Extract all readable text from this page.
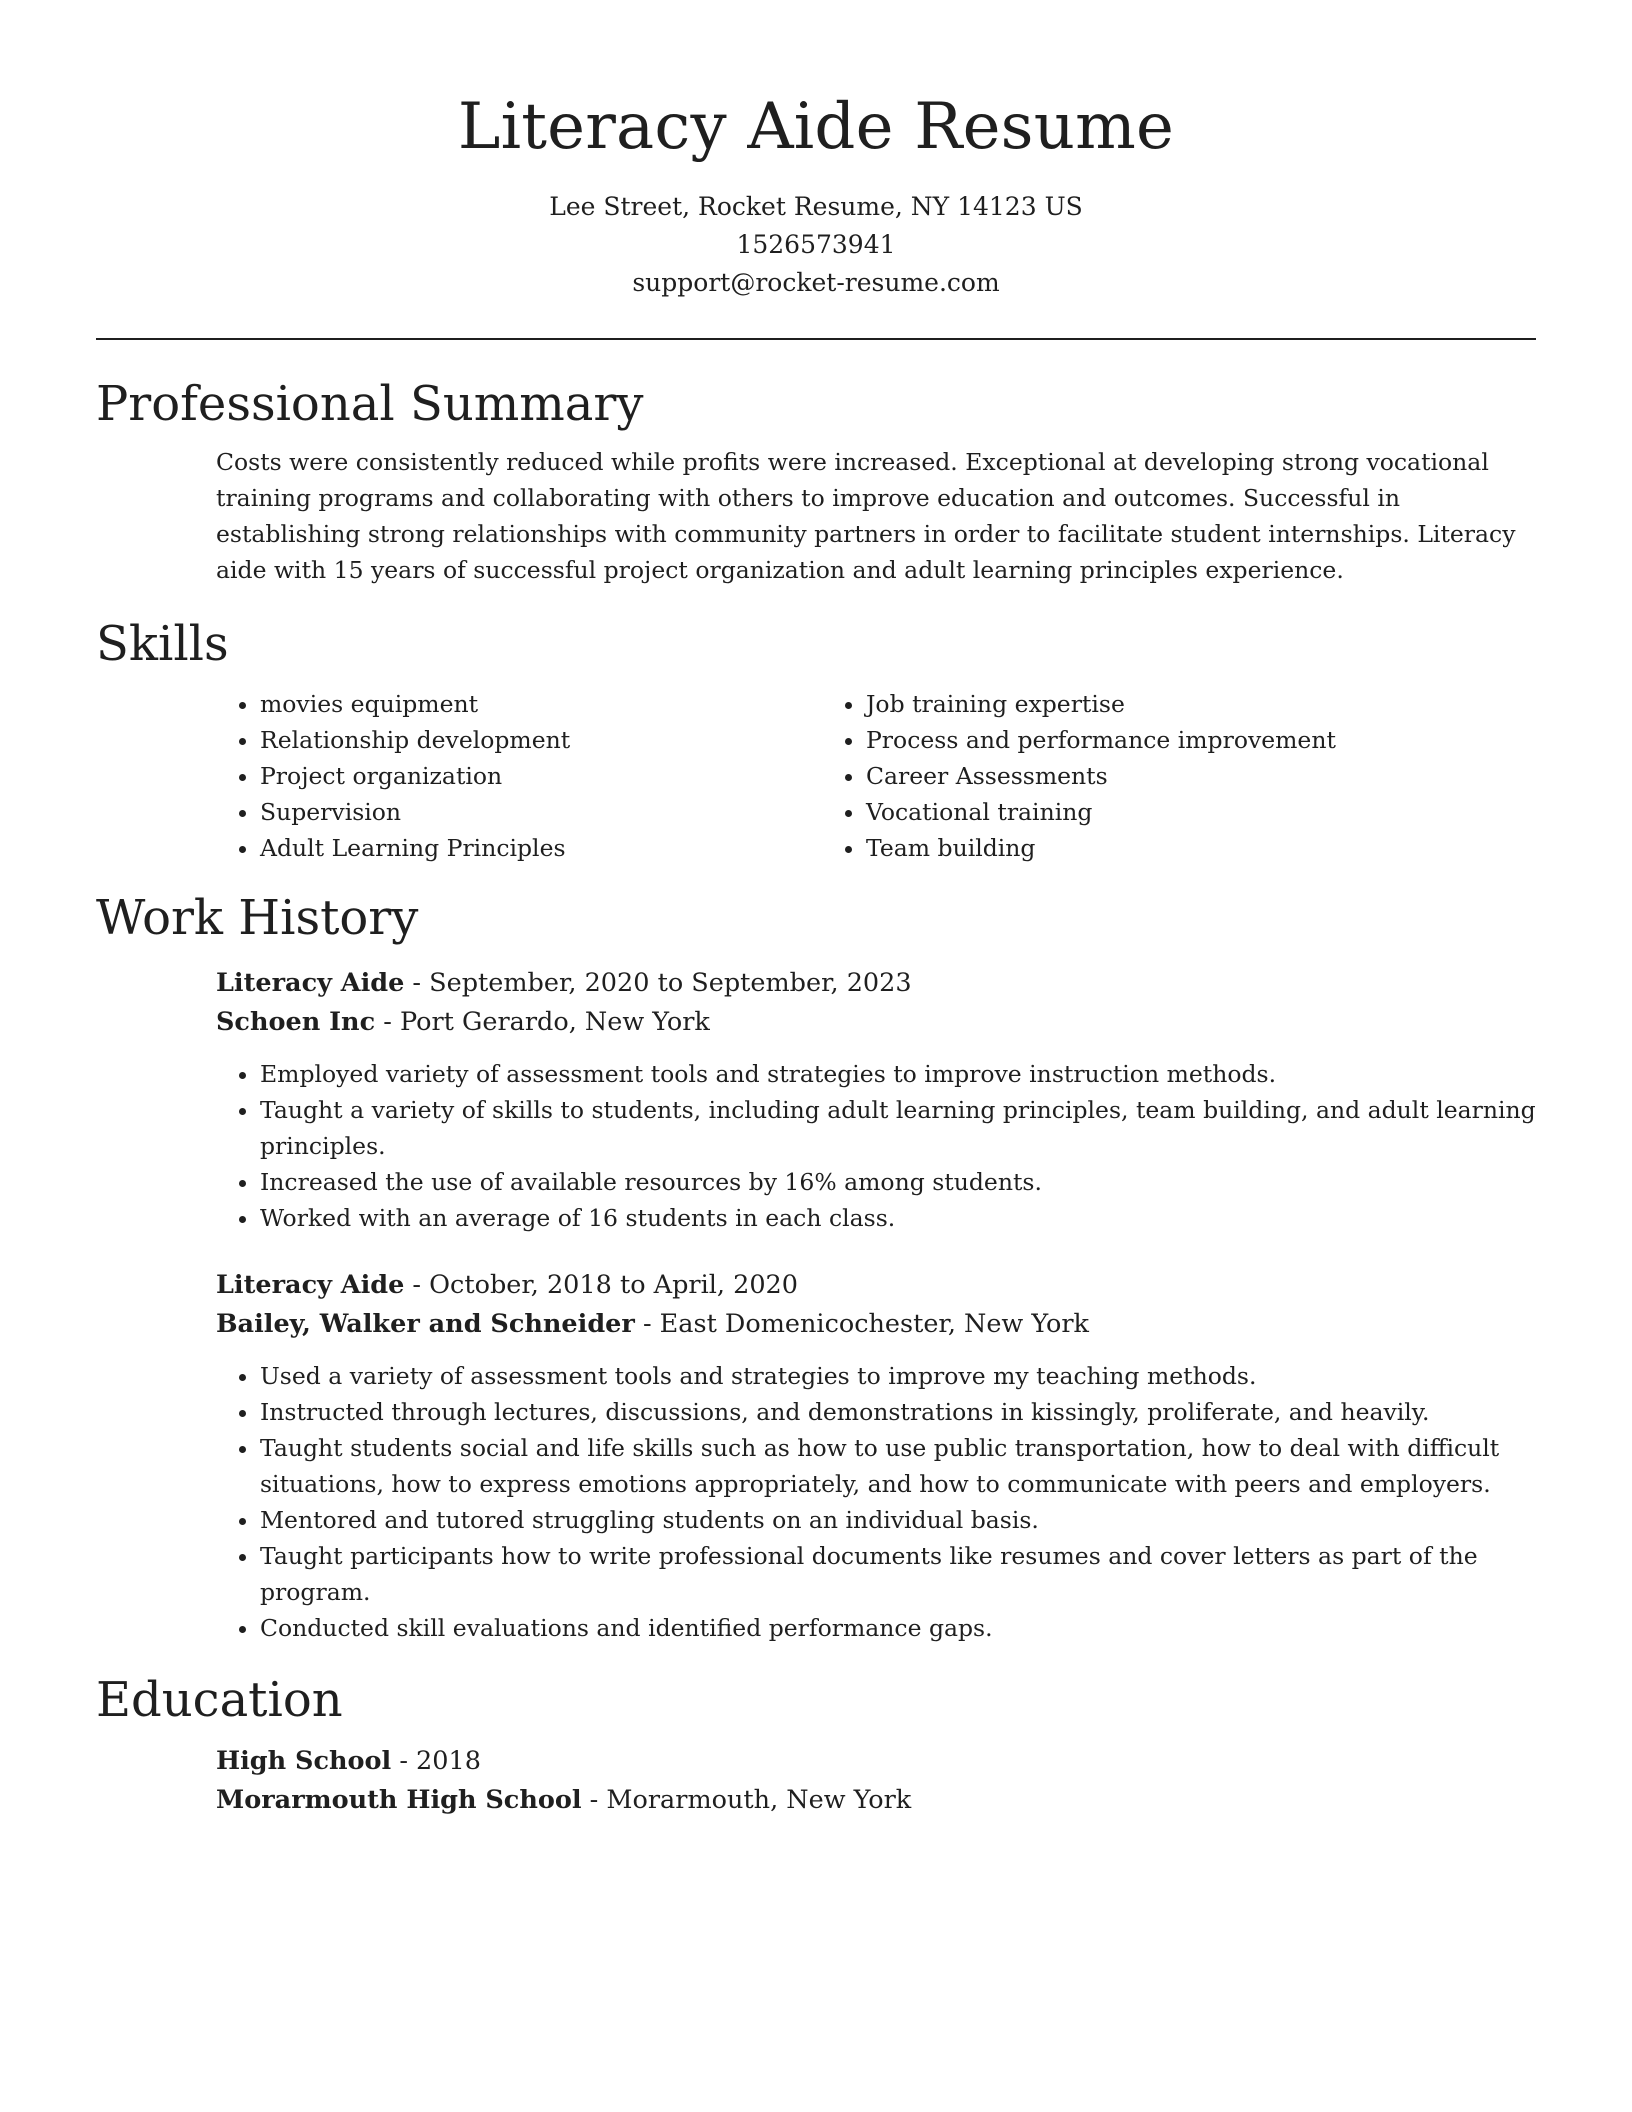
Literacy Aide Resume

Lee Street, Rocket Resume, NY 14123 US

1526573941

support@rocket-resume.com

Professional Summary

Costs were consistently reduced while profits were increased. Exceptional at developing strong vocational training programs and collaborating with others to improve education and outcomes. Successful in establishing strong relationships with community partners in order to facilitate student internships. Literacy aide with 15 years of successful project organization and adult learning principles experience.

Skills
• movies equipment
• Relationship development
• Project organization
• Supervision
• Adult Learning Principles
• Job training expertise
• Process and performance improvement
• Career Assessments
• Vocational training
• Team building
Work History

Literacy Aide - September, 2020 to September, 2023

Schoen Inc - Port Gerardo, New York

• Employed variety of assessment tools and strategies to improve instruction methods.
• Taught a variety of skills to students, including adult learning principles, team building, and adult learning principles.
• Increased the use of available resources by 16% among students.
• Worked with an average of 16 students in each class.

Literacy Aide - October, 2018 to April, 2020

Bailey, Walker and Schneider - East Domenicochester, New York

• Used a variety of assessment tools and strategies to improve my teaching methods.
• Instructed through lectures, discussions, and demonstrations in kissingly, proliferate, and heavily.
• Taught students social and life skills such as how to use public transportation, how to deal with difficult situations, how to express emotions appropriately, and how to communicate with peers and employers.
• Mentored and tutored struggling students on an individual basis.
• Taught participants how to write professional documents like resumes and cover letters as part of the program.
• Conducted skill evaluations and identified performance gaps.
Education

High School - 2018

Morarmouth High School - Morarmouth, New York
